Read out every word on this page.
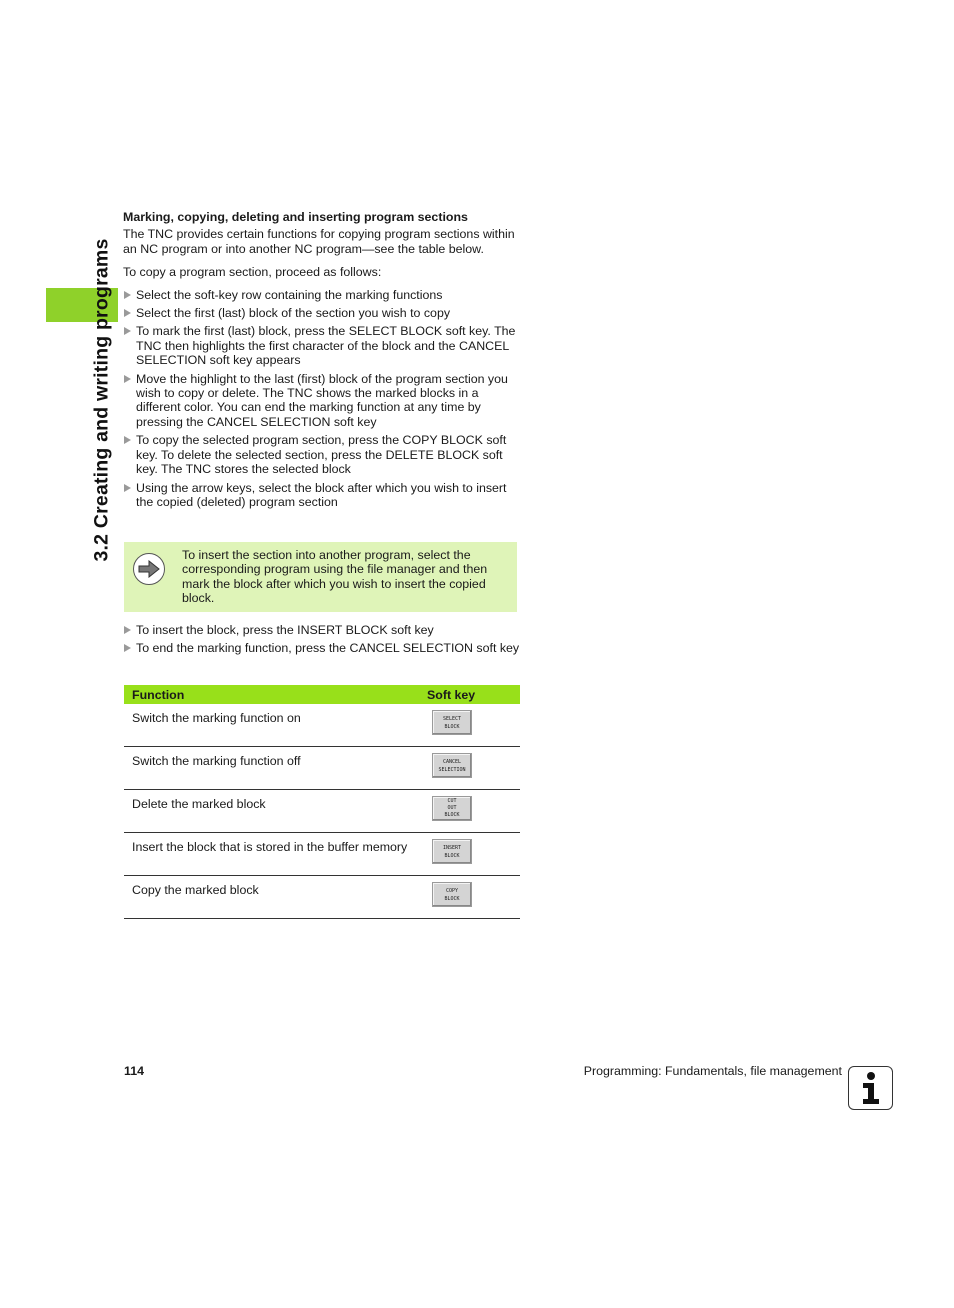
3.2 Creating and writing programs
Marking, copying, deleting and inserting program sections

The TNC provides certain functions for copying program sections within an NC program or into another NC program—see the table below.

To copy a program section, proceed as follows:

Select the soft-key row containing the marking functions
Select the first (last) block of the section you wish to copy
To mark the first (last) block, press the SELECT BLOCK soft key. The TNC then highlights the first character of the block and the CANCEL SELECTION soft key appears
Move the highlight to the last (first) block of the program section you wish to copy or delete. The TNC shows the marked blocks in a different color. You can end the marking function at any time by pressing the CANCEL SELECTION soft key
To copy the selected program section, press the COPY BLOCK soft key. To delete the selected section, press the DELETE BLOCK soft key. The TNC stores the selected block
Using the arrow keys, select the block after which you wish to insert the copied (deleted) program section
To insert the section into another program, select the corresponding program using the file manager and then mark the block after which you wish to insert the copied block.
To insert the block, press the INSERT BLOCK soft key
To end the marking function, press the CANCEL SELECTION soft key
Function	Soft key
Switch the marking function on	SELECT
BLOCK

Switch the marking function off	CANCEL
SELECTION

Delete the marked block	CUT
OUT
BLOCK

Insert the block that is stored in the buffer memory	INSERT
BLOCK

Copy the marked block	COPY
BLOCK
114	Programming: Fundamentals, file management
